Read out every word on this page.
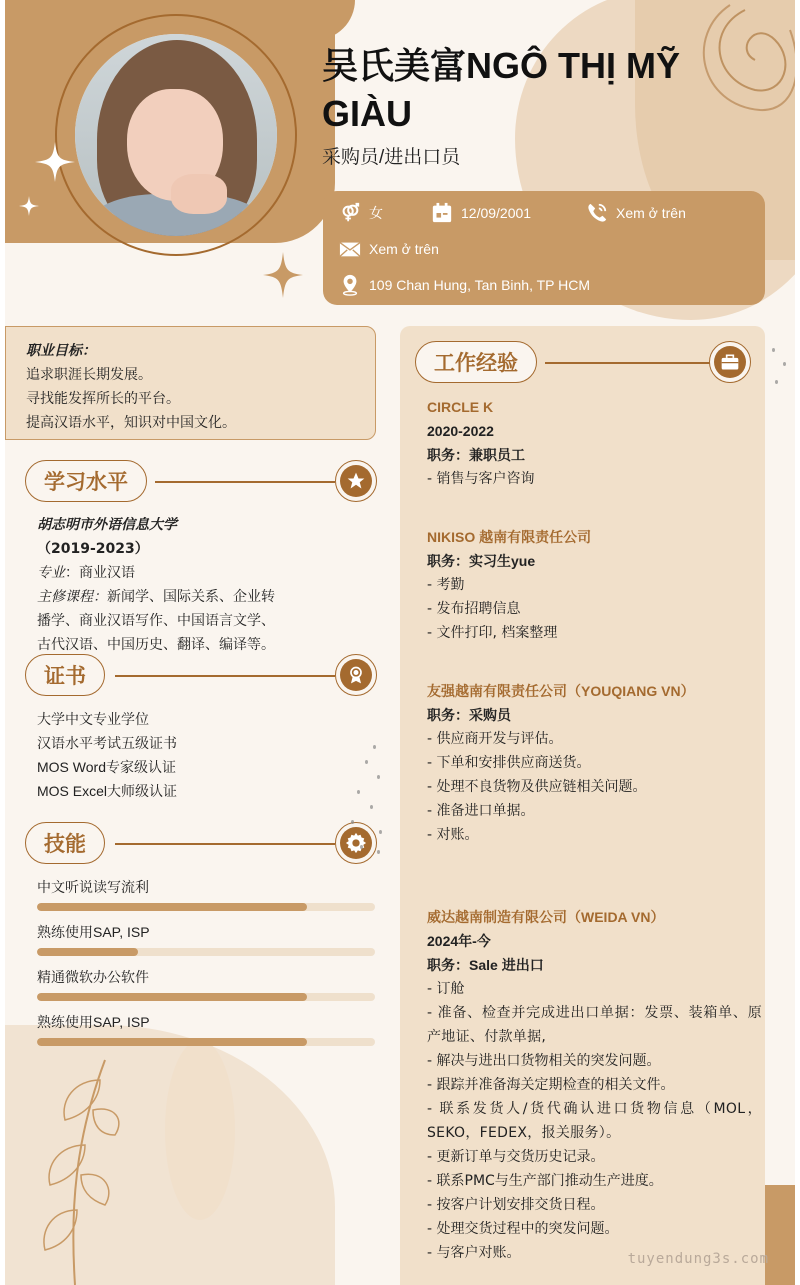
吴氏美富NGÔ THỊ MỸ GIÀU
采购员/进出口员
女	12/09/2001	Xem ở trên
Xem ở trên
109 Chan Hung, Tan Binh, TP HCM
职业目标：
追求职涯长期发展。
寻找能发挥所长的平台。
提高汉语水平，知识对中国文化。
学习水平
胡志明市外语信息大学 （2019-2023）
专业：商业汉语
主修课程：新闻学、国际关系、企业转播学、商业汉语写作、中国语言文学、古代汉语、中国历史、翻译、编译等。
证书
大学中文专业学位
汉语水平考试五级证书
MOS Word专家级认证
MOS Excel大师级认证
技能
中文听说读写流利
熟练使用SAP, ISP
精通微软办公软件
熟练使用SAP, ISP
工作经验
CIRCLE K
2020-2022
职务：兼职员工
- 销售与客户咨询
NIKISO 越南有限责任公司
职务：实习生yue
- 考勤
- 发布招聘信息
- 文件打印, 档案整理
友强越南有限责任公司（YOUQIANG VN）
职务：采购员
- 供应商开发与评估。
- 下单和安排供应商送货。
- 处理不良货物及供应链相关问题。
- 准备进口单据。
- 对账。
威达越南制造有限公司（WEIDA VN）
2024年-今
职务：Sale 进出口
- 订舱
- 准备、检查并完成进出口单据：发票、装箱单、原产地证、付款单据,
- 解决与进出口货物相关的突发问题。
- 跟踪并准备海关定期检查的相关文件。
- 联系发货人/货代确认进口货物信息（MOL，SEKO，FEDEX，报关服务）。
- 更新订单与交货历史记录。
- 联系PMC与生产部门推动生产进度。
- 按客户计划安排交货日程。
- 处理交货过程中的突发问题。
- 与客户对账。	tuyendung3s.com
